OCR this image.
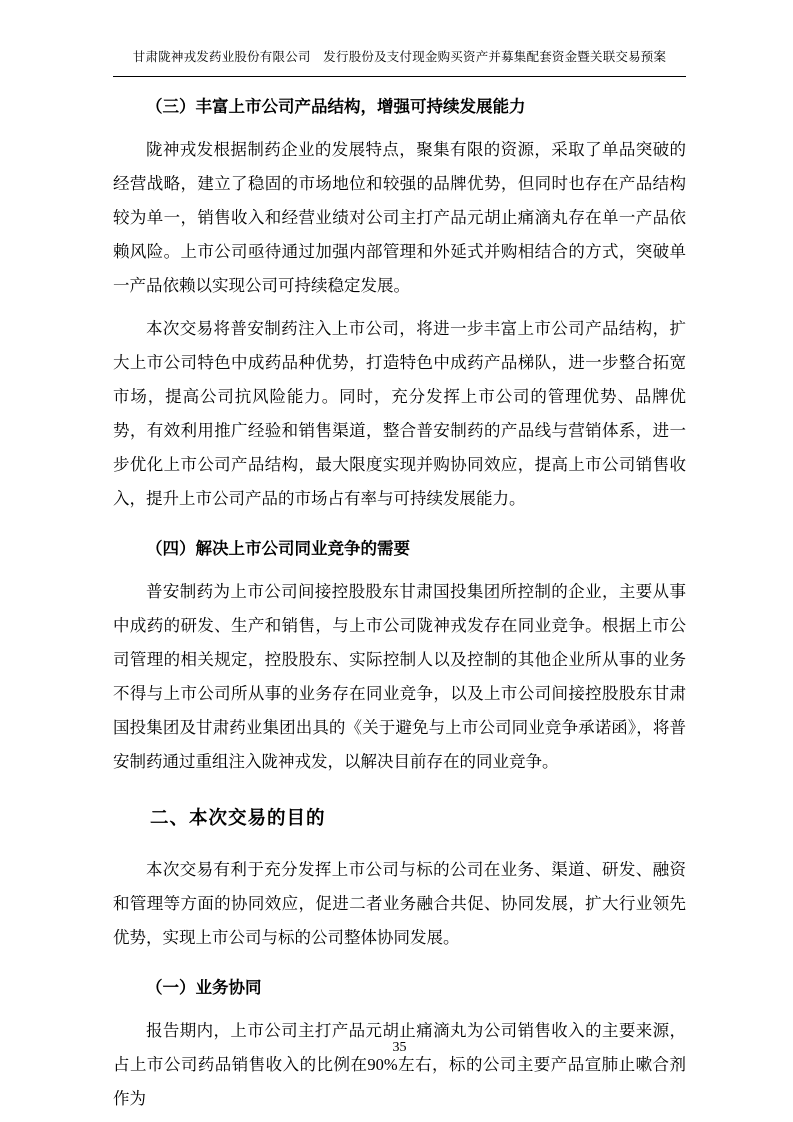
甘肃陇神戎发药业股份有限公司　发行股份及支付现金购买资产并募集配套资金暨关联交易预案
（三）丰富上市公司产品结构，增强可持续发展能力

陇神戎发根据制药企业的发展特点，聚集有限的资源，采取了单品突破的经营战略，建立了稳固的市场地位和较强的品牌优势，但同时也存在产品结构较为单一，销售收入和经营业绩对公司主打产品元胡止痛滴丸存在单一产品依赖风险。上市公司亟待通过加强内部管理和外延式并购相结合的方式，突破单一产品依赖以实现公司可持续稳定发展。

本次交易将普安制药注入上市公司，将进一步丰富上市公司产品结构，扩大上市公司特色中成药品种优势，打造特色中成药产品梯队，进一步整合拓宽市场，提高公司抗风险能力。同时，充分发挥上市公司的管理优势、品牌优势，有效利用推广经验和销售渠道，整合普安制药的产品线与营销体系，进一步优化上市公司产品结构，最大限度实现并购协同效应，提高上市公司销售收入，提升上市公司产品的市场占有率与可持续发展能力。

（四）解决上市公司同业竞争的需要

普安制药为上市公司间接控股股东甘肃国投集团所控制的企业，主要从事中成药的研发、生产和销售，与上市公司陇神戎发存在同业竞争。根据上市公司管理的相关规定，控股股东、实际控制人以及控制的其他企业所从事的业务不得与上市公司所从事的业务存在同业竞争，以及上市公司间接控股股东甘肃国投集团及甘肃药业集团出具的《关于避免与上市公司同业竞争承诺函》，将普安制药通过重组注入陇神戎发，以解决目前存在的同业竞争。

二、本次交易的目的

本次交易有利于充分发挥上市公司与标的公司在业务、渠道、研发、融资和管理等方面的协同效应，促进二者业务融合共促、协同发展，扩大行业领先优势，实现上市公司与标的公司整体协同发展。

（一）业务协同

报告期内，上市公司主打产品元胡止痛滴丸为公司销售收入的主要来源，占上市公司药品销售收入的比例在90%左右，标的公司主要产品宣肺止嗽合剂作为

35
